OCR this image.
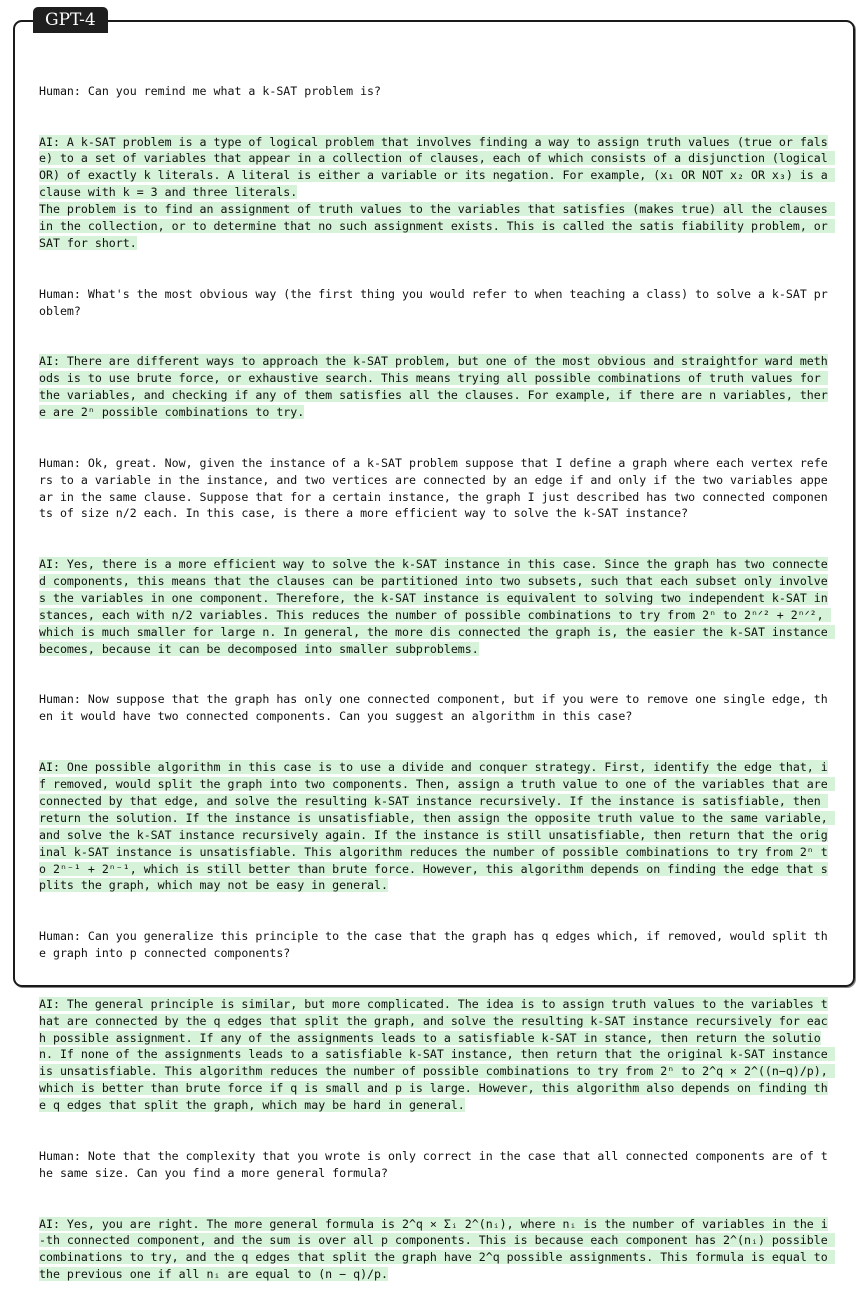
GPT-4

Human: Can you remind me what a k-SAT problem is?

AI: A k-SAT problem is a type of logical problem that involves finding a way to assign truth values (true or false) to a set of variables that appear in a collection of clauses, each of which consists of a disjunction (logical OR) of exactly k literals. A literal is either a variable or its negation. For example, (x₁ OR NOT x₂ OR x₃) is a clause with k = 3 and three literals.
The problem is to find an assignment of truth values to the variables that satisfies (makes true) all the clauses in the collection, or to determine that no such assignment exists. This is called the satis fiability problem, or SAT for short.

Human: What's the most obvious way (the first thing you would refer to when teaching a class) to solve a k-SAT problem?

AI: There are different ways to approach the k-SAT problem, but one of the most obvious and straightfor ward methods is to use brute force, or exhaustive search. This means trying all possible combinations of truth values for the variables, and checking if any of them satisfies all the clauses. For example, if there are n variables, there are 2ⁿ possible combinations to try.

Human: Ok, great. Now, given the instance of a k-SAT problem suppose that I define a graph where each vertex refers to a variable in the instance, and two vertices are connected by an edge if and only if the two variables appear in the same clause. Suppose that for a certain instance, the graph I just described has two connected components of size n/2 each. In this case, is there a more efficient way to solve the k-SAT instance?

AI: Yes, there is a more efficient way to solve the k-SAT instance in this case. Since the graph has two connected components, this means that the clauses can be partitioned into two subsets, such that each subset only involves the variables in one component. Therefore, the k-SAT instance is equivalent to solving two independent k-SAT instances, each with n/2 variables. This reduces the number of possible combinations to try from 2ⁿ to 2ⁿᐟ² + 2ⁿᐟ², which is much smaller for large n. In general, the more dis connected the graph is, the easier the k-SAT instance becomes, because it can be decomposed into smaller subproblems.

Human: Now suppose that the graph has only one connected component, but if you were to remove one single edge, then it would have two connected components. Can you suggest an algorithm in this case?

AI: One possible algorithm in this case is to use a divide and conquer strategy. First, identify the edge that, if removed, would split the graph into two components. Then, assign a truth value to one of the variables that are connected by that edge, and solve the resulting k-SAT instance recursively. If the instance is satisfiable, then return the solution. If the instance is unsatisfiable, then assign the opposite truth value to the same variable, and solve the k-SAT instance recursively again. If the instance is still unsatisfiable, then return that the original k-SAT instance is unsatisfiable. This algorithm reduces the number of possible combinations to try from 2ⁿ to 2ⁿ⁻¹ + 2ⁿ⁻¹, which is still better than brute force. However, this algorithm depends on finding the edge that splits the graph, which may not be easy in general.

Human: Can you generalize this principle to the case that the graph has q edges which, if removed, would split the graph into p connected components?

AI: The general principle is similar, but more complicated. The idea is to assign truth values to the variables that are connected by the q edges that split the graph, and solve the resulting k-SAT instance recursively for each possible assignment. If any of the assignments leads to a satisfiable k-SAT in stance, then return the solution. If none of the assignments leads to a satisfiable k-SAT instance, then return that the original k-SAT instance is unsatisfiable. This algorithm reduces the number of possible combinations to try from 2ⁿ to 2^q × 2^((n−q)/p), which is better than brute force if q is small and p is large. However, this algorithm also depends on finding the q edges that split the graph, which may be hard in general.

Human: Note that the complexity that you wrote is only correct in the case that all connected components are of the same size. Can you find a more general formula?

AI: Yes, you are right. The more general formula is 2^q × Σᵢ 2^(nᵢ), where nᵢ is the number of variables in the i-th connected component, and the sum is over all p components. This is because each component has 2^(nᵢ) possible combinations to try, and the q edges that split the graph have 2^q possible assignments. This formula is equal to the previous one if all nᵢ are equal to (n − q)/p.
